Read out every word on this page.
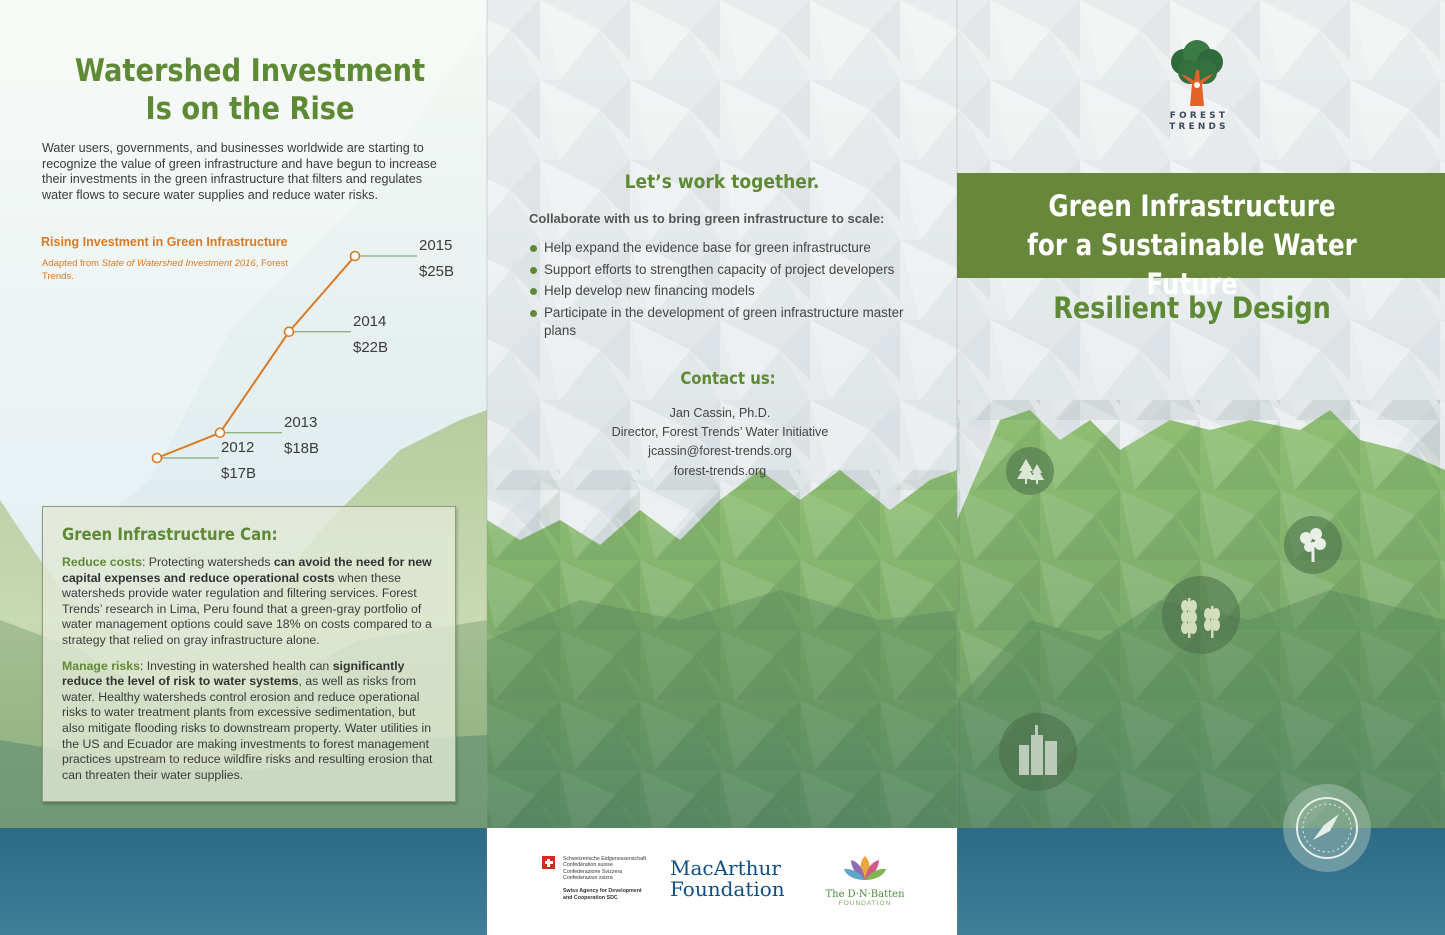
Watershed Investment
Is on the Rise

Water users, governments, and businesses worldwide are starting to recognize the value of green infrastructure and have begun to increase their investments in the green infrastructure that filters and regulates water flows to secure water supplies and reduce water risks.

Rising Investment in Green Infrastructure
Adapted from State of Watershed Investment 2016, Forest Trends.
2012
$17B
2013
$18B
2014
$22B
2015
$25B
Green Infrastructure Can:

Reduce costs: Protecting watersheds can avoid the need for new capital expenses and reduce operational costs when these watersheds provide water regulation and filtering services. Forest Trends’ research in Lima, Peru found that a green-gray portfolio of water management options could save 18% on costs compared to a strategy that relied on gray infrastructure alone.

Manage risks: Investing in watershed health can significantly reduce the level of risk to water systems, as well as risks from water. Healthy watersheds control erosion and reduce operational risks to water treatment plants from excessive sedimentation, but also mitigate flooding risks to downstream property. Water utilities in the US and Ecuador are making investments to forest management practices upstream to reduce wildfire risks and resulting erosion that can threaten their water supplies.

Let’s work together.
Collaborate with us to bring green infrastructure to scale:
Help expand the evidence base for green infrastructure
Support efforts to strengthen capacity of project developers
Help develop new financing models
Participate in the development of green infrastructure master plans
Contact us:
Jan Cassin, Ph.D.
Director, Forest Trends’ Water Initiative
jcassin@forest-trends.org
forest-trends.org
Schweizerische Eidgenossenschaft
Confédération suisse
Confederazione Svizzera
Confederaziun svizra
Swiss Agency for Development
and Cooperation SDC
MacArthur
Foundation	The D·N·Batten
FOUNDATION
FOREST
TRENDS
Green Infrastructure
for a Sustainable Water Future
Resilient by Design
